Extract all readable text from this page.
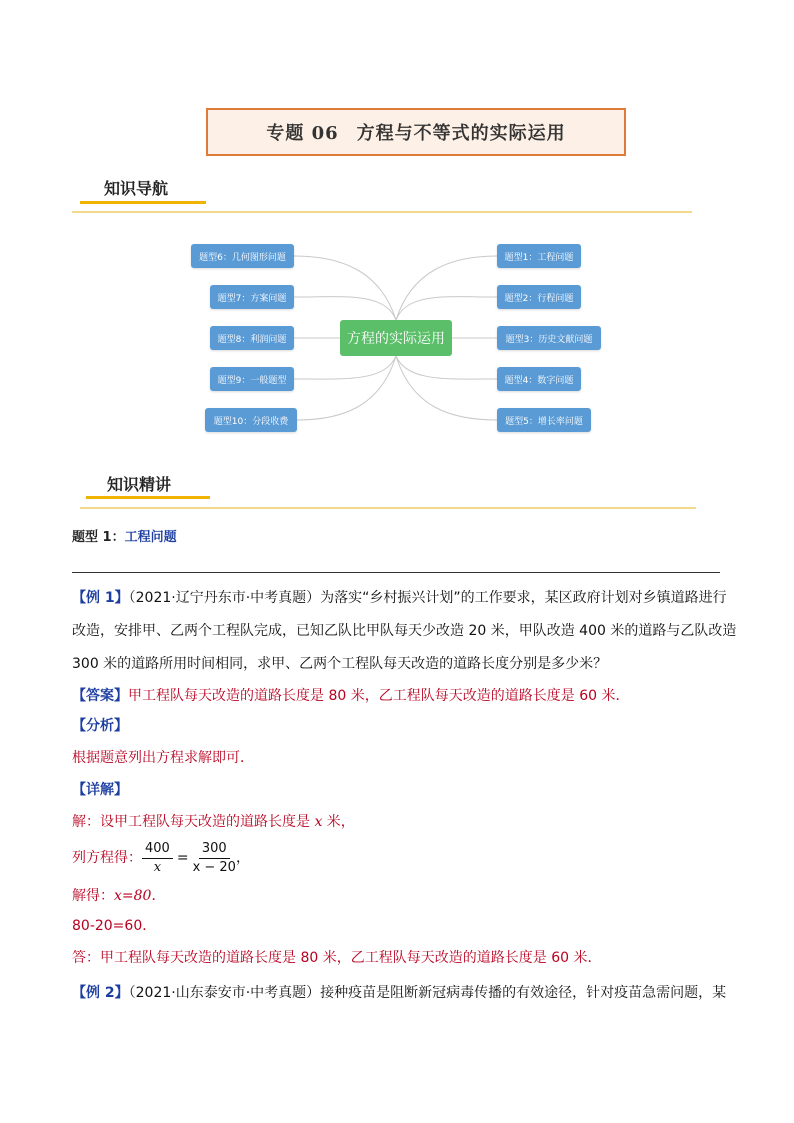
专题 06 方程与不等式的实际运用
知识导航
题型6：几何图形问题
题型7：方案问题
题型8：利润问题
题型9：一般题型
题型10：分段收费
方程的实际运用
题型1：工程问题
题型2：行程问题
题型3：历史文献问题
题型4：数字问题
题型5：增长率问题
知识精讲
题型 1：工程问题
【例 1】（2021·辽宁丹东市·中考真题）为落实“乡村振兴计划”的工作要求，某区政府计划对乡镇道路进行
改造，安排甲、乙两个工程队完成，已知乙队比甲队每天少改造 20 米，甲队改造 400 米的道路与乙队改造
300 米的道路所用时间相同，求甲、乙两个工程队每天改造的道路长度分别是多少米？
【答案】甲工程队每天改造的道路长度是 80 米，乙工程队每天改造的道路长度是 60 米．
【分析】
根据题意列出方程求解即可．
【详解】
解：设甲工程队每天改造的道路长度是 x 米，
列方程得： $\frac{400}{x} = \frac{300}{x - 20}$ ，
解得：x=80．
80-20=60．
答：甲工程队每天改造的道路长度是 80 米，乙工程队每天改造的道路长度是 60 米．
【例 2】（2021·山东泰安市·中考真题）接种疫苗是阻断新冠病毒传播的有效途径，针对疫苗急需问题，某
